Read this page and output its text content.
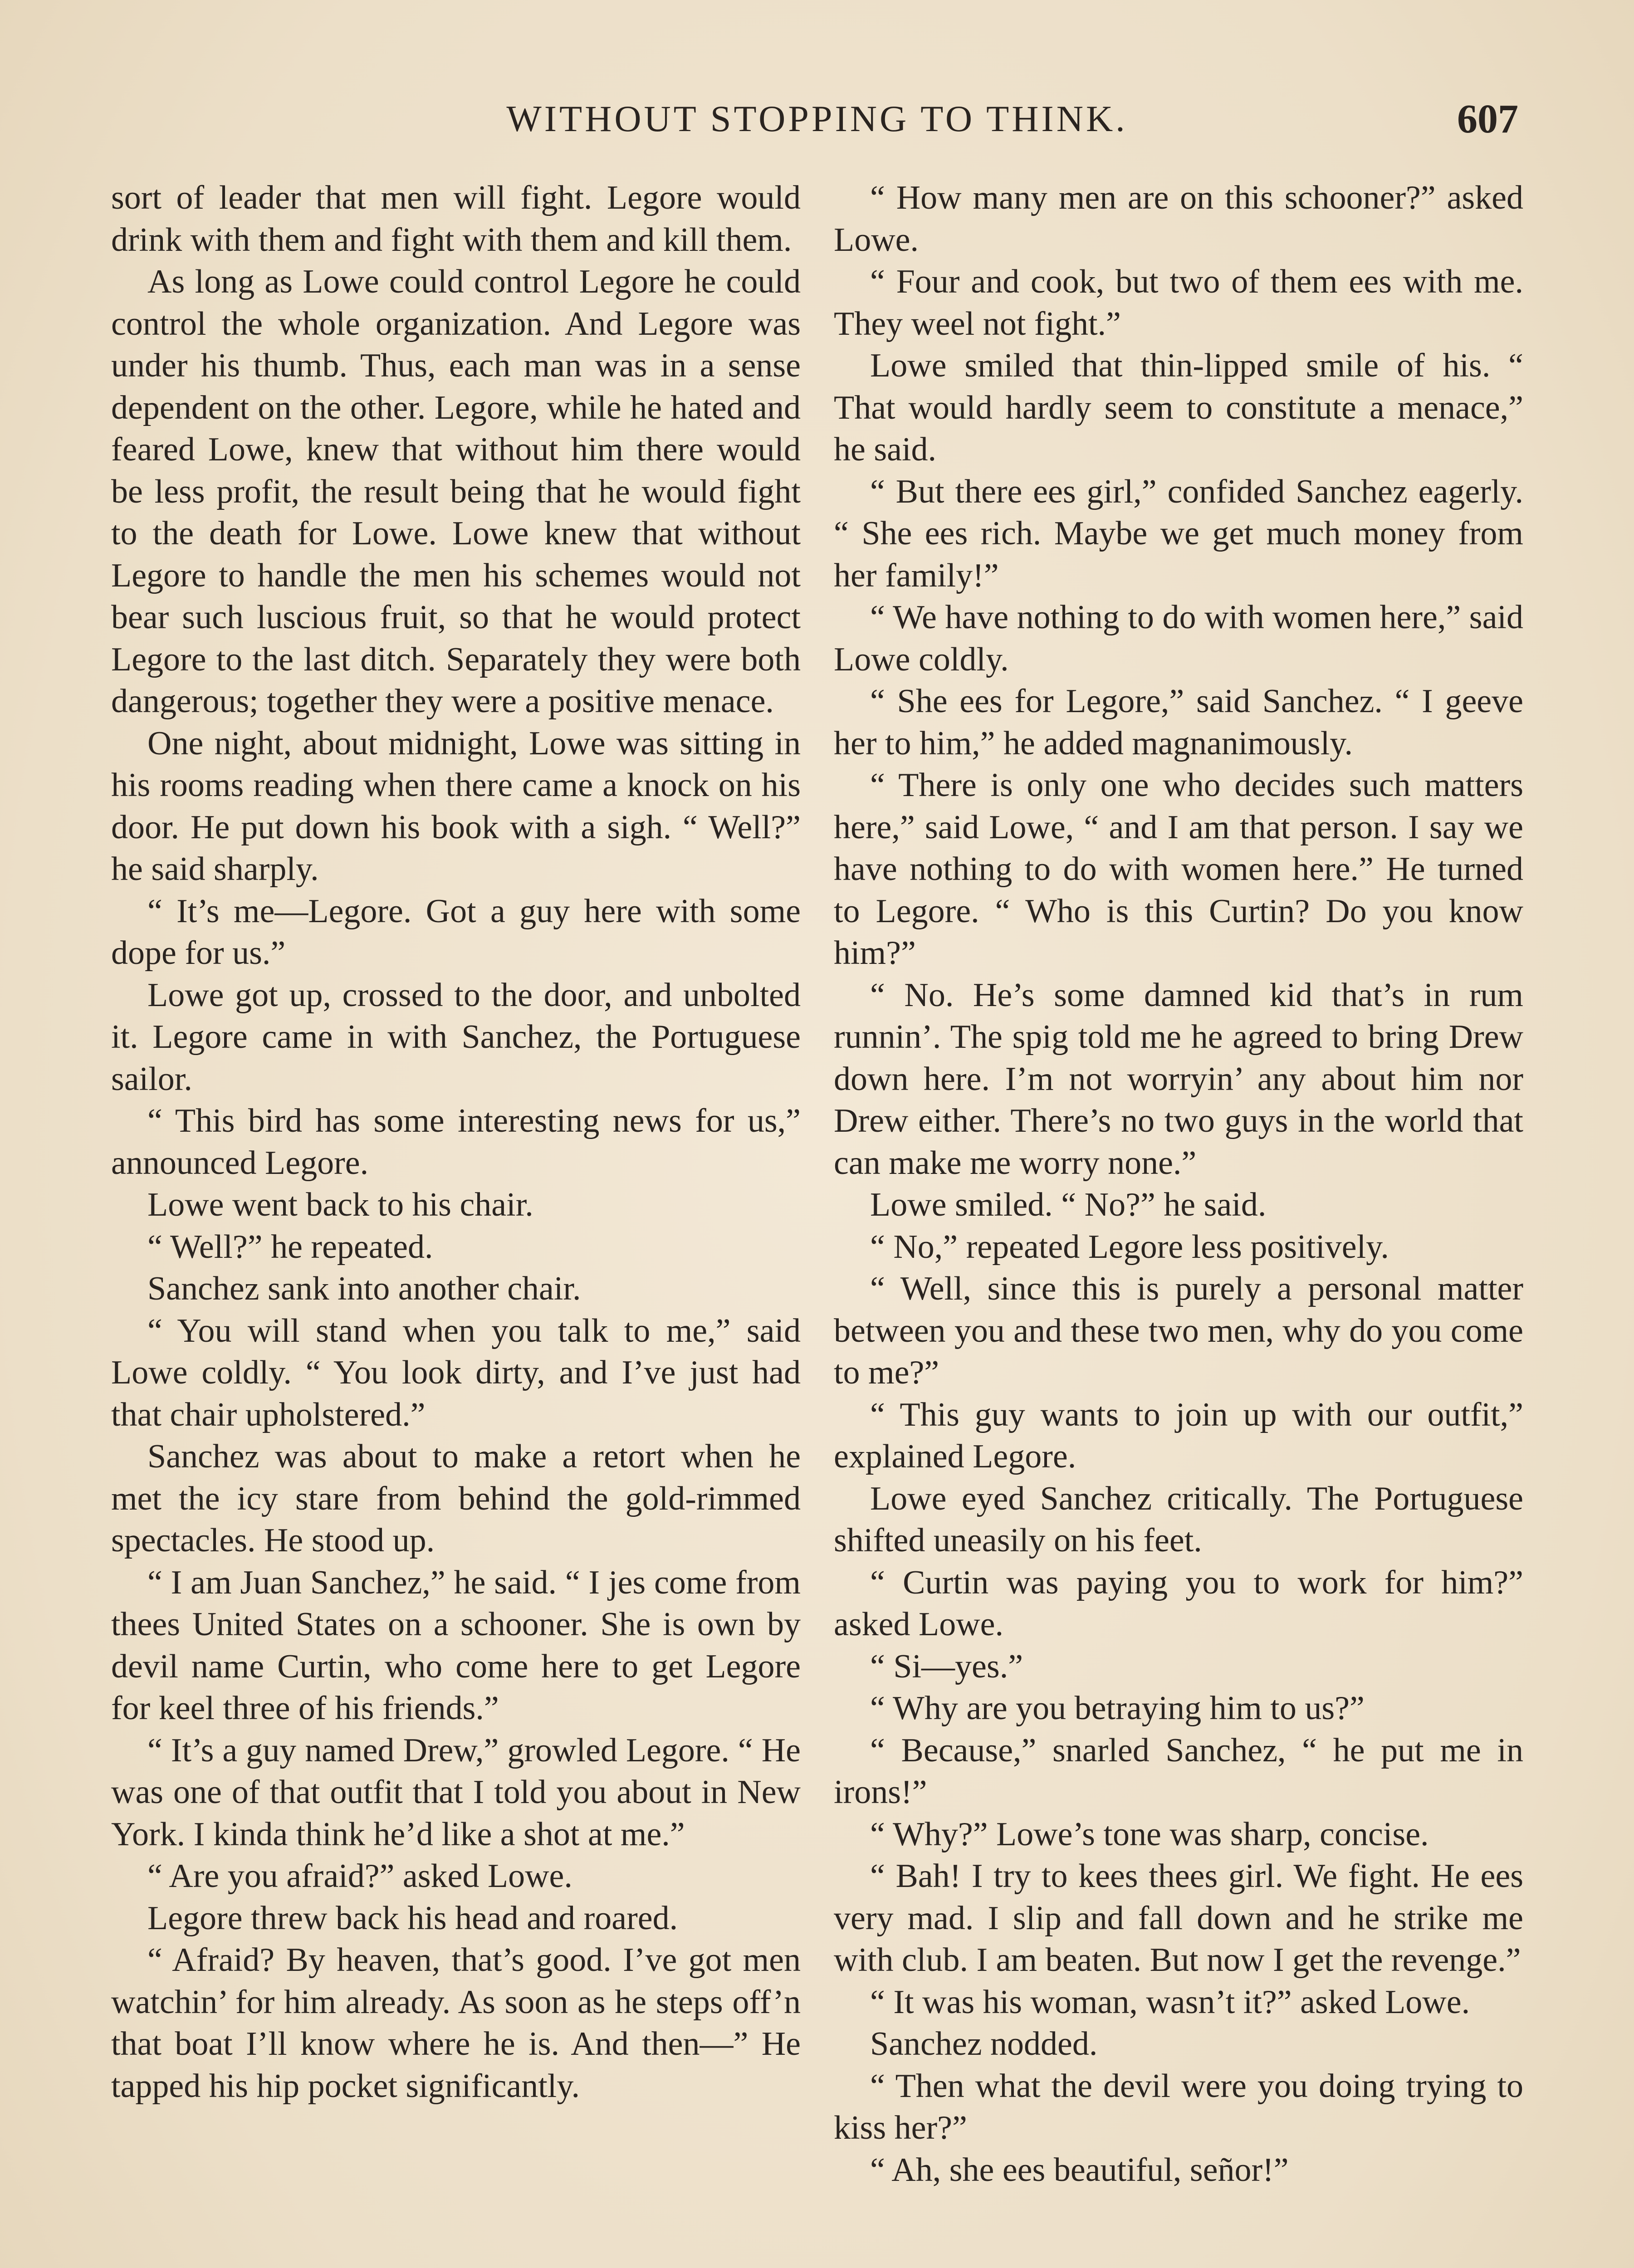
WITHOUT STOPPING TO THINK.	607

sort of leader that men will fight. Legore would drink with them and fight with them and kill them.

As long as Lowe could control Legore he could control the whole organization. And Legore was under his thumb. Thus, each man was in a sense dependent on the other. Legore, while he hated and feared Lowe, knew that without him there would be less profit, the result being that he would fight to the death for Lowe. Lowe knew that without Legore to handle the men his schemes would not bear such luscious fruit, so that he would protect Legore to the last ditch. Separately they were both dangerous; together they were a positive menace.

One night, about midnight, Lowe was sitting in his rooms reading when there came a knock on his door. He put down his book with a sigh. “ Well?” he said sharply.

“ It’s me—Legore. Got a guy here with some dope for us.”

Lowe got up, crossed to the door, and unbolted it. Legore came in with Sanchez, the Portuguese sailor.

“ This bird has some interesting news for us,” announced Legore.

Lowe went back to his chair.

“ Well?” he repeated.

Sanchez sank into another chair.

“ You will stand when you talk to me,” said Lowe coldly. “ You look dirty, and I’ve just had that chair upholstered.”

Sanchez was about to make a retort when he met the icy stare from behind the gold-rimmed spectacles. He stood up.

“ I am Juan Sanchez,” he said. “ I jes come from thees United States on a schooner. She is own by devil name Curtin, who come here to get Legore for keel three of his friends.”

“ It’s a guy named Drew,” growled Legore. “ He was one of that outfit that I told you about in New York. I kinda think he’d like a shot at me.”

“ Are you afraid?” asked Lowe.

Legore threw back his head and roared.

“ Afraid? By heaven, that’s good. I’ve got men watchin’ for him already. As soon as he steps off’n that boat I’ll know where he is. And then—” He tapped his hip pocket significantly.

“ How many men are on this schooner?” asked Lowe.

“ Four and cook, but two of them ees with me. They weel not fight.”

Lowe smiled that thin-lipped smile of his. “ That would hardly seem to constitute a menace,” he said.

“ But there ees girl,” confided Sanchez eagerly. “ She ees rich. Maybe we get much money from her family!”

“ We have nothing to do with women here,” said Lowe coldly.

“ She ees for Legore,” said Sanchez. “ I geeve her to him,” he added magnanimously.

“ There is only one who decides such matters here,” said Lowe, “ and I am that person. I say we have nothing to do with women here.” He turned to Legore. “ Who is this Curtin? Do you know him?”

“ No. He’s some damned kid that’s in rum runnin’. The spig told me he agreed to bring Drew down here. I’m not worryin’ any about him nor Drew either. There’s no two guys in the world that can make me worry none.”

Lowe smiled. “ No?” he said.

“ No,” repeated Legore less positively.

“ Well, since this is purely a personal matter between you and these two men, why do you come to me?”

“ This guy wants to join up with our outfit,” explained Legore.

Lowe eyed Sanchez critically. The Portuguese shifted uneasily on his feet.

“ Curtin was paying you to work for him?” asked Lowe.

“ Si—yes.”

“ Why are you betraying him to us?”

“ Because,” snarled Sanchez, “ he put me in irons!”

“ Why?” Lowe’s tone was sharp, concise.

“ Bah! I try to kees thees girl. We fight. He ees very mad. I slip and fall down and he strike me with club. I am beaten. But now I get the revenge.”

“ It was his woman, wasn’t it?” asked Lowe.

Sanchez nodded.

“ Then what the devil were you doing trying to kiss her?”

“ Ah, she ees beautiful, señor!”
